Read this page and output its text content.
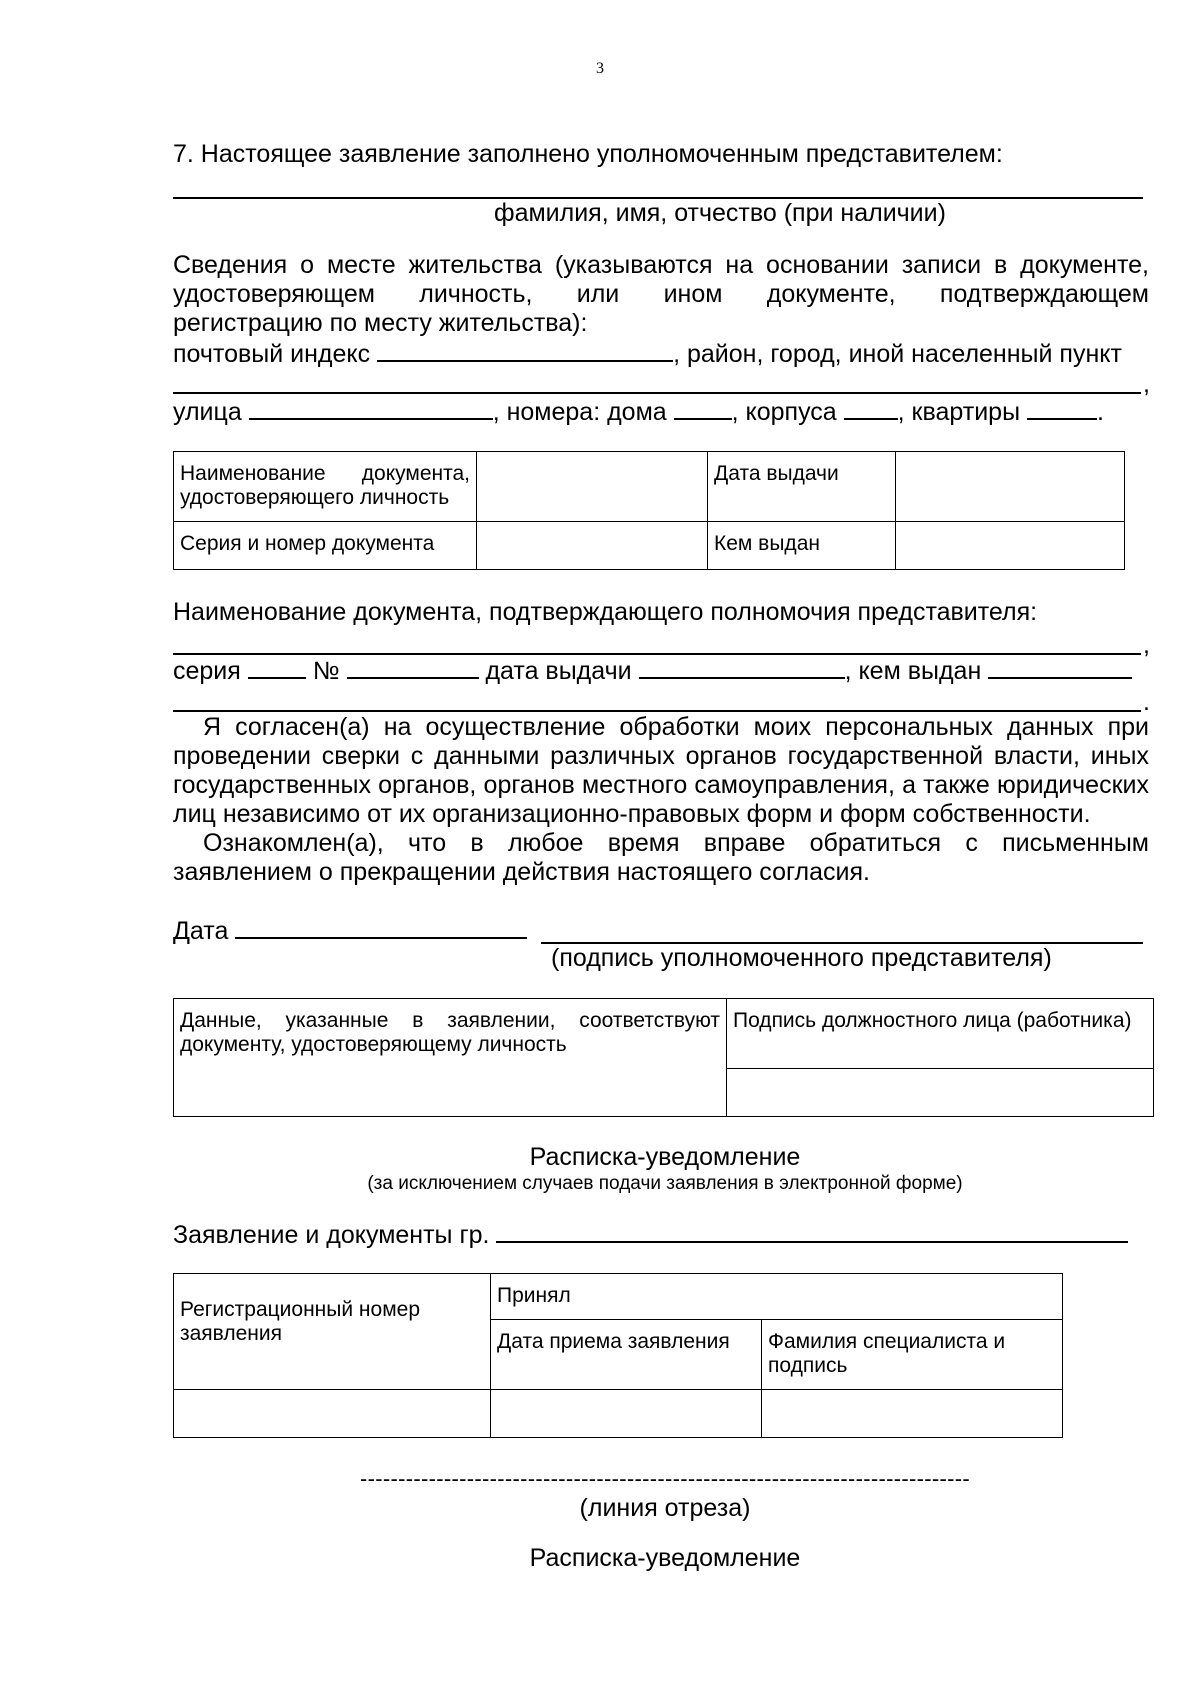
3
7. Настоящее заявление заполнено уполномоченным представителем:
фамилия, имя, отчество (при наличии)
Сведения о месте жительства (указываются на основании записи в документе,
удостоверяющем личность, или ином документе, подтверждающем
регистрацию по месту жительства):
почтовый индекс	, район, город, иной населенный пункт
,
улица	, номера: дома	, корпуса , квартиры	.
Наименование документа, удостоверяющего личность		Дата выдачи	
Серия и номер документа		Кем выдан	
Наименование документа, подтверждающего полномочия представителя:
,
серия	№	дата выдачи	, кем выдан
.

Я согласен(а) на осуществление обработки моих персональных данных при проведении сверки с данными различных органов государственной власти, иных государственных органов, органов местного самоуправления, а также юридических лиц независимо от их организационно-правовых форм и форм собственности.

Ознакомлен(а), что в любое время вправе обратиться с письменным заявлением о прекращении действия настоящего согласия.

Дата
(подпись уполномоченного представителя)
Данные, указанные в заявлении, соответствуют документу, удостоверяющему личность	Подпись должностного лица (работника)

Расписка-уведомление
(за исключением случаев подачи заявления в электронной форме)
Заявление и документы гр.
Регистрационный номер заявления	Принял	
	Дата приема заявления	Фамилия специалиста и подпись

--------------------------------------------------------------------------------
(линия отреза)
Расписка-уведомление
